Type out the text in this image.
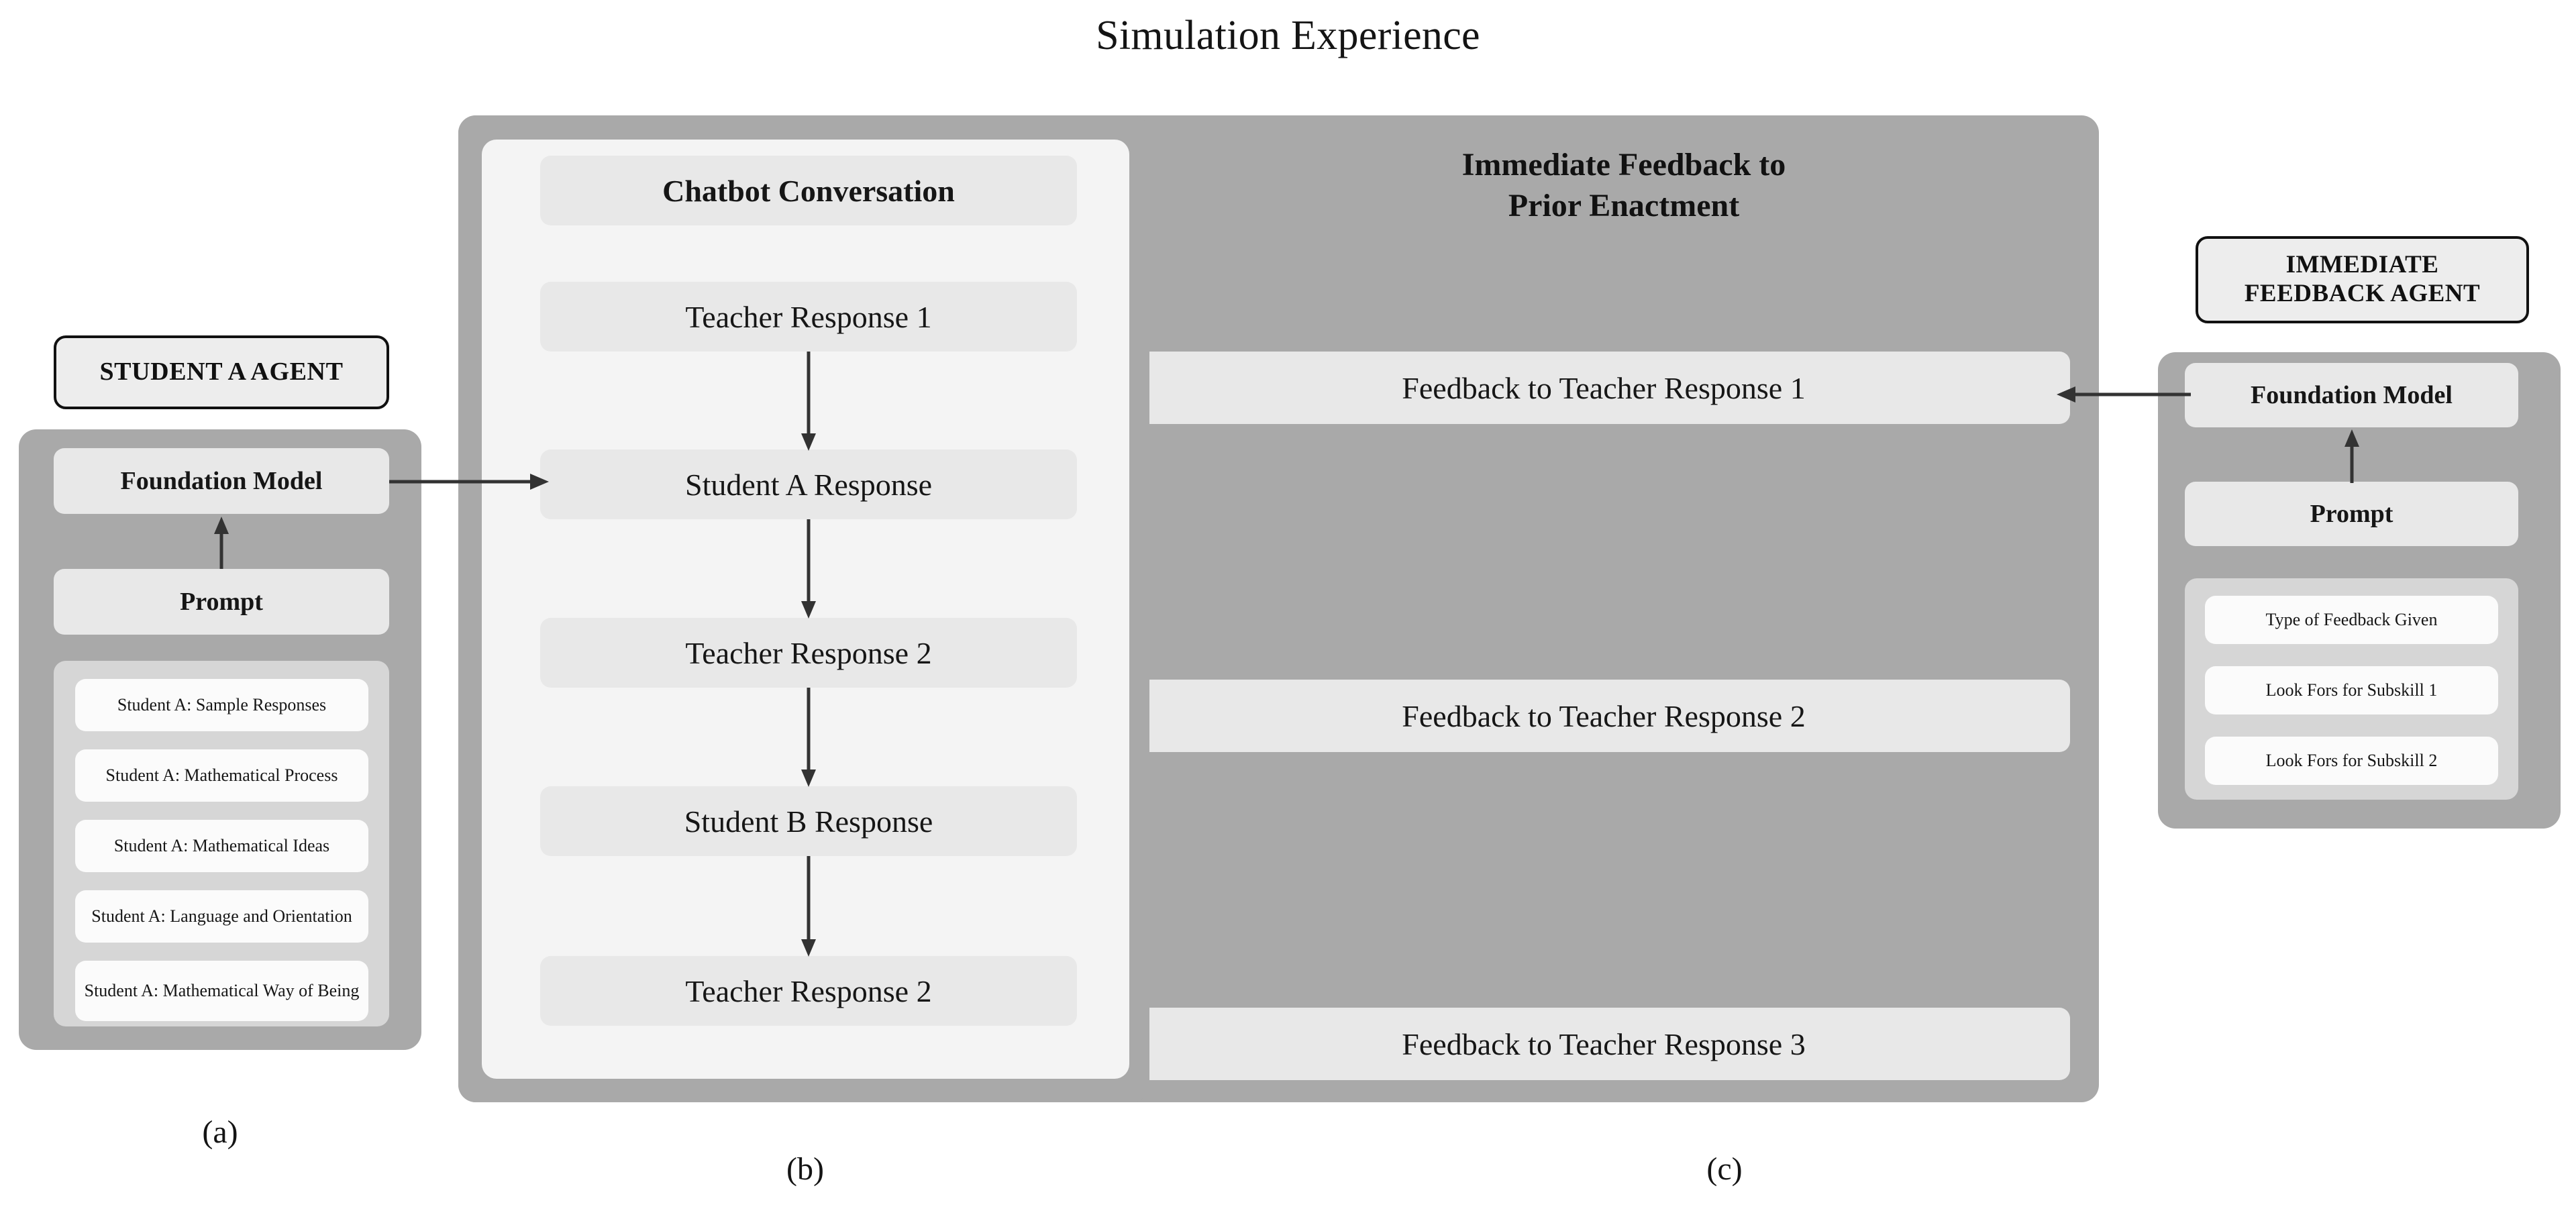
Simulation Experience
Immediate Feedback to
Prior Enactment
Feedback to Teacher Response 1
Feedback to Teacher Response 2
Feedback to Teacher Response 3
Chatbot Conversation
Teacher Response 1
Student A Response
Teacher Response 2
Student B Response
Teacher Response 2
STUDENT A AGENT
Foundation Model
Prompt
Student A: Sample Responses
Student A: Mathematical Process
Student A: Mathematical Ideas
Student A: Language and Orientation
Student A: Mathematical Way of Being
IMMEDIATE
FEEDBACK AGENT
Foundation Model
Prompt
Type of Feedback Given
Look Fors for Subskill 1
Look Fors for Subskill 2
(a)
(b)	(c)
